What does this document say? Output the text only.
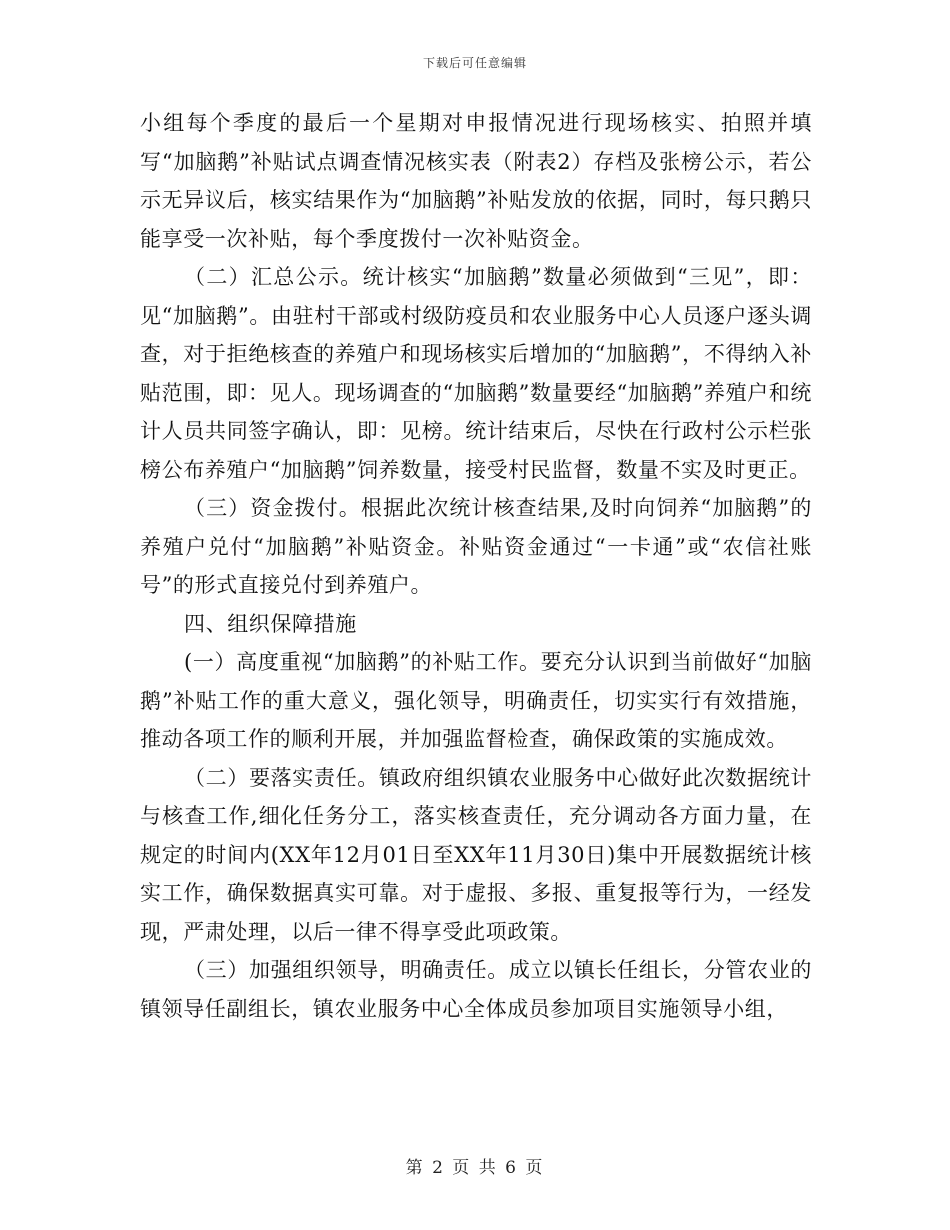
下载后可任意编辑

小组每个季度的最后一个星期对申报情况进行现场核实、拍照并填写“加脑鹅”补贴试点调查情况核实表（附表2）存档及张榜公示，若公示无异议后，核实结果作为“加脑鹅”补贴发放的依据，同时，每只鹅只能享受一次补贴，每个季度拨付一次补贴资金。

（二）汇总公示。统计核实“加脑鹅”数量必须做到“三见”，即：见“加脑鹅”。由驻村干部或村级防疫员和农业服务中心人员逐户逐头调查，对于拒绝核查的养殖户和现场核实后增加的“加脑鹅”，不得纳入补贴范围，即：见人。现场调查的“加脑鹅”数量要经“加脑鹅”养殖户和统计人员共同签字确认，即：见榜。统计结束后，尽快在行政村公示栏张榜公布养殖户“加脑鹅”饲养数量，接受村民监督，数量不实及时更正。

（三）资金拨付。根据此次统计核查结果,及时向饲养“加脑鹅”的养殖户兑付“加脑鹅”补贴资金。补贴资金通过“一卡通”或“农信社账号”的形式直接兑付到养殖户。

四、组织保障措施

(一）高度重视“加脑鹅”的补贴工作。要充分认识到当前做好“加脑鹅”补贴工作的重大意义，强化领导，明确责任，切实实行有效措施，推动各项工作的顺利开展，并加强监督检查，确保政策的实施成效。

（二）要落实责任。镇政府组织镇农业服务中心做好此次数据统计与核查工作,细化任务分工，落实核查责任，充分调动各方面力量，在规定的时间内(XX年12月01日至XX年11月30日)集中开展数据统计核实工作，确保数据真实可靠。对于虚报、多报、重复报等行为，一经发现，严肃处理，以后一律不得享受此项政策。

（三）加强组织领导，明确责任。成立以镇长任组长，分管农业的镇领导任副组长，镇农业服务中心全体成员参加项目实施领导小组，

第 2 页 共 6 页
